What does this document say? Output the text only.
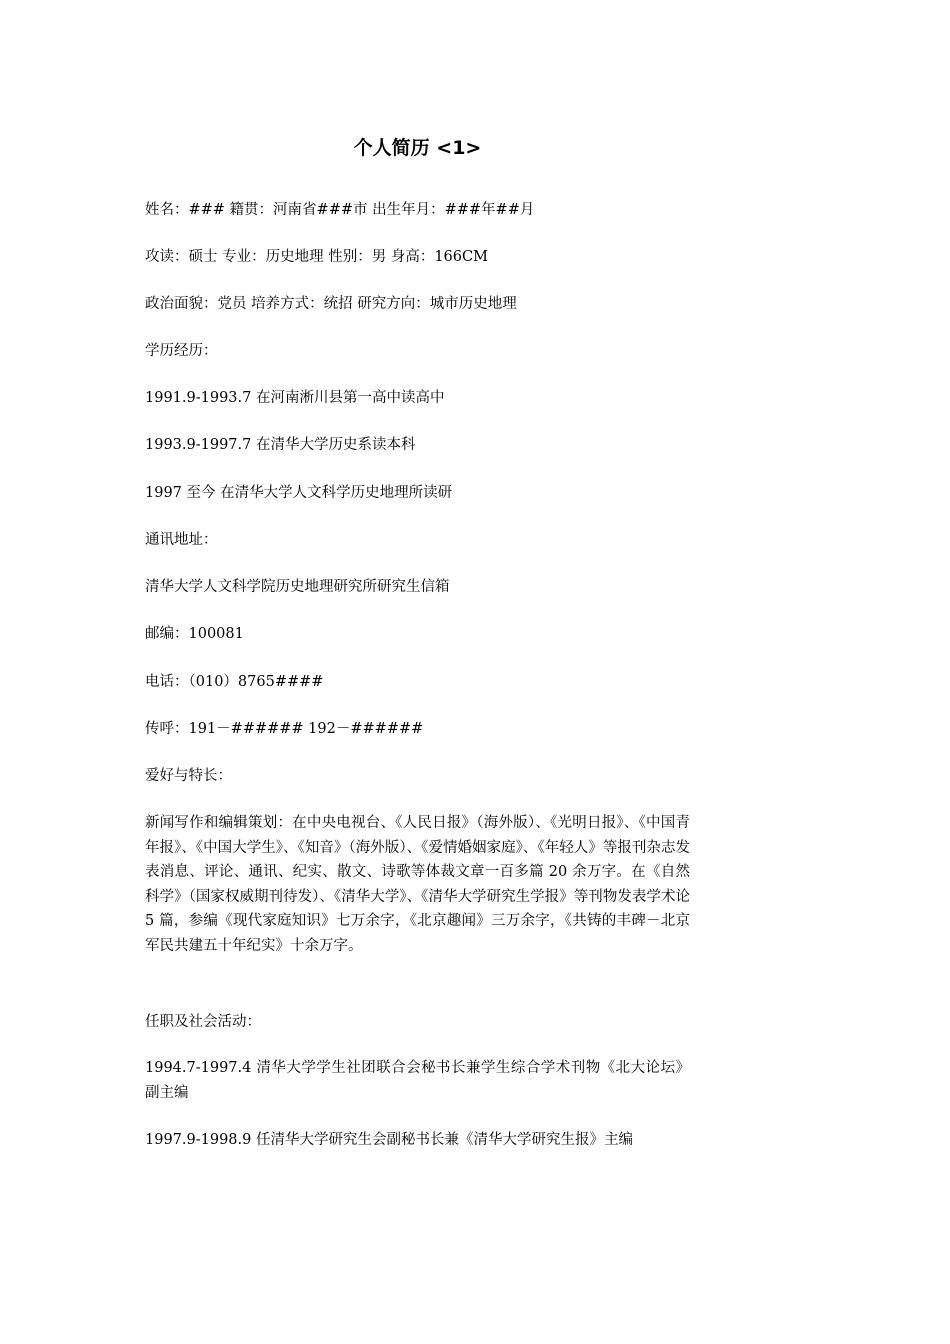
个人简历 <1>

姓名：### 籍贯：河南省###市 出生年月：###年##月

攻读：硕士 专业：历史地理 性别：男 身高：166CM

政治面貌：党员 培养方式：统招 研究方向：城市历史地理

学历经历：

1991.9-1993.7 在河南淅川县第一高中读高中

1993.9-1997.7 在清华大学历史系读本科

1997 至今 在清华大学人文科学历史地理所读研

通讯地址：

清华大学人文科学院历史地理研究所研究生信箱

邮编：100081

电话：（010）8765####

传呼：191－###### 192－######

爱好与特长：

新闻写作和编辑策划：在中央电视台、《人民日报》（海外版）、《光明日报》、《中国青年报》、《中国大学生》、《知音》（海外版）、《爱情婚姻家庭》、《年轻人》等报刊杂志发表消息、评论、通讯、纪实、散文、诗歌等体裁文章一百多篇 20 余万字。在《自然科学》（国家权威期刊待发）、《清华大学》、《清华大学研究生学报》等刊物发表学术论 5 篇，参编《现代家庭知识》七万余字，《北京趣闻》三万余字，《共铸的丰碑－北京军民共建五十年纪实》十余万字。

任职及社会活动：

1994.7-1997.4 清华大学学生社团联合会秘书长兼学生综合学术刊物《北大论坛》副主编

1997.9-1998.9 任清华大学研究生会副秘书长兼《清华大学研究生报》主编
